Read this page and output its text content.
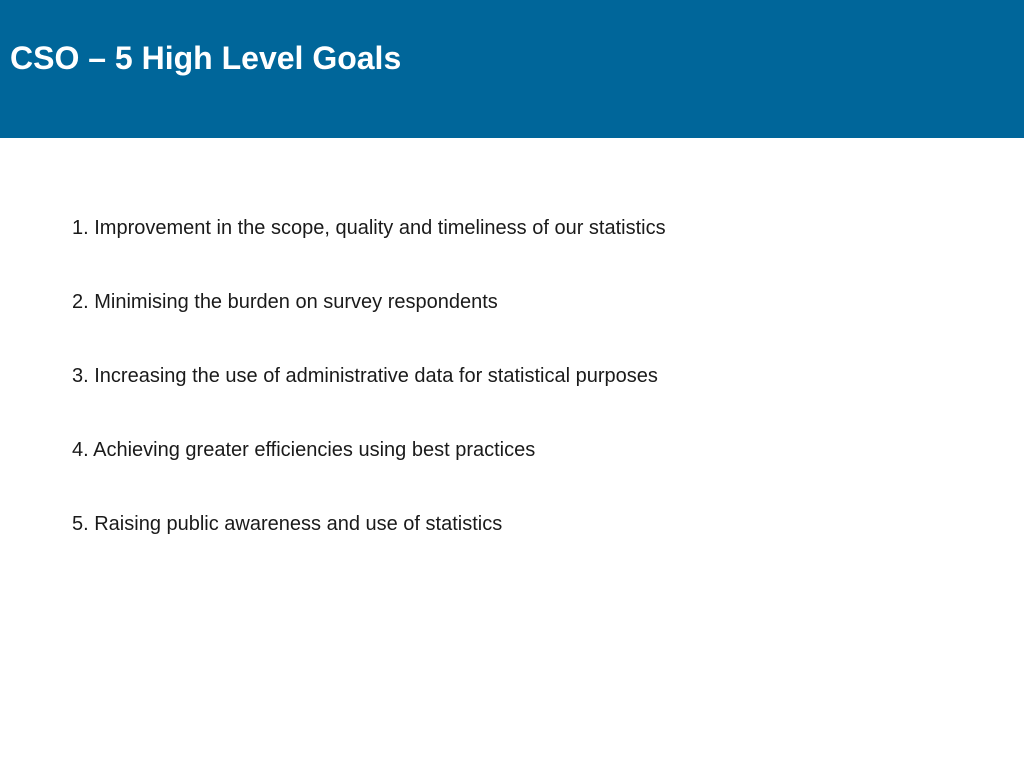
CSO – 5 High Level Goals
1. Improvement in the scope, quality and timeliness of our statistics
2. Minimising the burden on survey respondents
3. Increasing the use of administrative data for statistical purposes
4. Achieving greater efficiencies using best practices
5. Raising public awareness and use of statistics
